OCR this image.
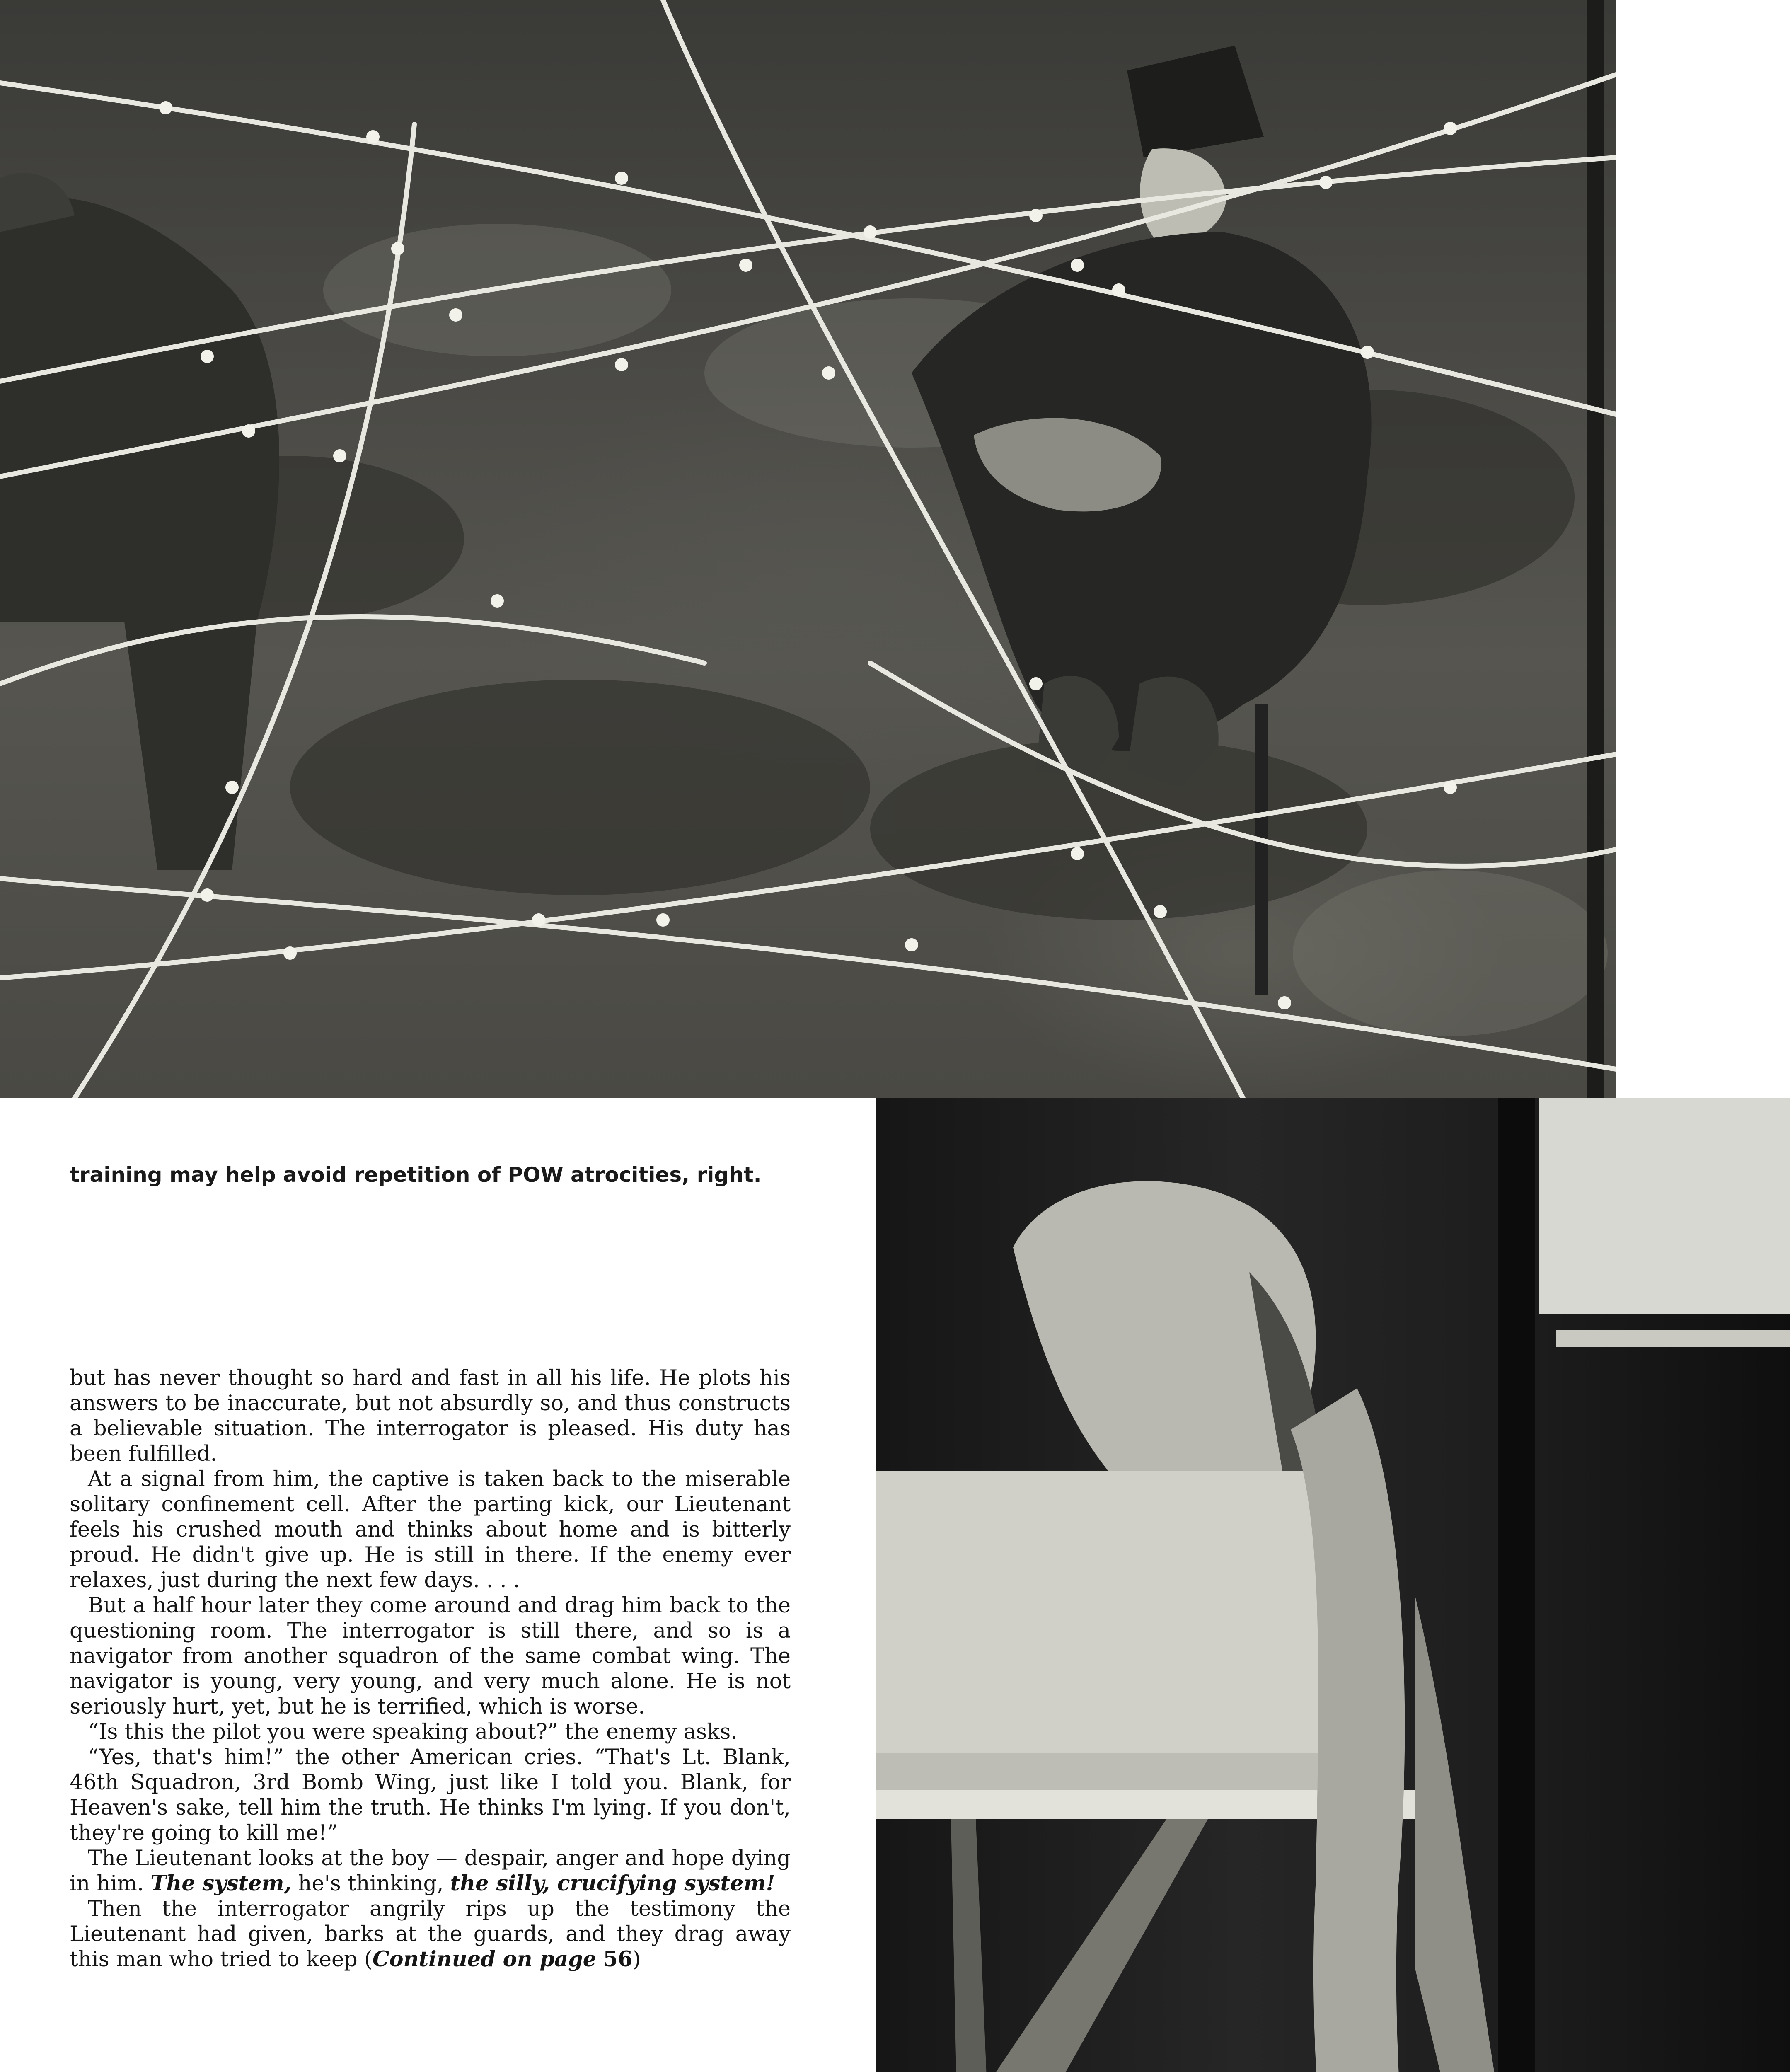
training may help avoid repetition of POW atrocities, right.

but has never thought so hard and fast in all his life. He plots his answers to be inaccurate, but not absurdly so, and thus constructs a believable situation. The interrogator is pleased. His duty has been fulfilled.

At a signal from him, the captive is taken back to the miserable solitary confinement cell. After the parting kick, our Lieutenant feels his crushed mouth and thinks about home and is bitterly proud. He didn't give up. He is still in there. If the enemy ever relaxes, just during the next few days. . . .

But a half hour later they come around and drag him back to the questioning room. The interrogator is still there, and so is a navigator from another squadron of the same combat wing. The navigator is young, very young, and very much alone. He is not seriously hurt, yet, but he is terrified, which is worse.

“Is this the pilot you were speaking about?” the enemy asks.

“Yes, that's him!” the other American cries. “That's Lt. Blank, 46th Squadron, 3rd Bomb Wing, just like I told you. Blank, for Heaven's sake, tell him the truth. He thinks I'm lying. If you don't, they're going to kill me!”

The Lieutenant looks at the boy — despair, anger and hope dying in him. The system, he's thinking, the silly, crucifying system!

Then the interrogator angrily rips up the testimony the Lieutenant had given, barks at the guards, and they drag away this man who tried to keep (Continued on page 56)
